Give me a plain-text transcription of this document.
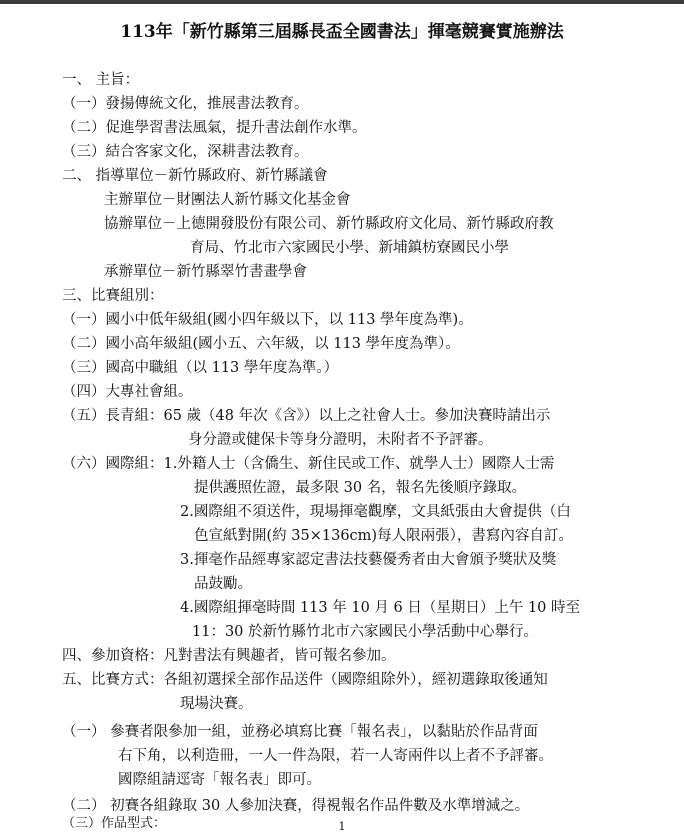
113年「新竹縣第三屆縣長盃全國書法」揮毫競賽實施辦法
一、 主旨：
（一）發揚傳統文化，推展書法教育。
（二）促進學習書法風氣，提升書法創作水準。
（三）結合客家文化，深耕書法教育。
二、 指導單位－新竹縣政府、新竹縣議會
主辦單位－財團法人新竹縣文化基金會
協辦單位－上德開發股份有限公司、新竹縣政府文化局、新竹縣政府教
育局、竹北市六家國民小學、新埔鎮枋寮國民小學
承辦單位－新竹縣翠竹書畫學會
三、比賽組別：
（一）國小中低年級組(國小四年級以下，以 113 學年度為準)。
（二）國小高年級組(國小五、六年級，以 113 學年度為準）。
（三）國高中職組（以 113 學年度為準。）
（四）大專社會組。
（五）長青組：65 歲（48 年次《含》）以上之社會人士。參加決賽時請出示
身分證或健保卡等身分證明，未附者不予評審。
（六）國際組：1.外籍人士（含僑生、新住民或工作、就學人士）國際人士需
提供護照佐證，最多限 30 名，報名先後順序錄取。
2.國際組不須送件，現場揮毫觀摩，文具紙張由大會提供（白
色宣紙對開(約 35×136cm)每人限兩張），書寫內容自訂。
3.揮毫作品經專家認定書法技藝優秀者由大會頒予獎狀及獎
品鼓勵。
4.國際組揮毫時間 113 年 10 月 6 日（星期日）上午 10 時至
11：30 於新竹縣竹北市六家國民小學活動中心舉行。
四、參加資格：凡對書法有興趣者，皆可報名參加。
五、比賽方式：各組初選採全部作品送件（國際組除外），經初選錄取後通知
現場決賽。
（一） 參賽者限參加一組，並務必填寫比賽「報名表」，以黏貼於作品背面
右下角，以利造冊，一人一件為限，若一人寄兩件以上者不予評審。
國際組請逕寄「報名表」即可。
（二） 初賽各組錄取 30 人參加決賽，得視報名作品件數及水準增減之。
（三）作品型式：	1
